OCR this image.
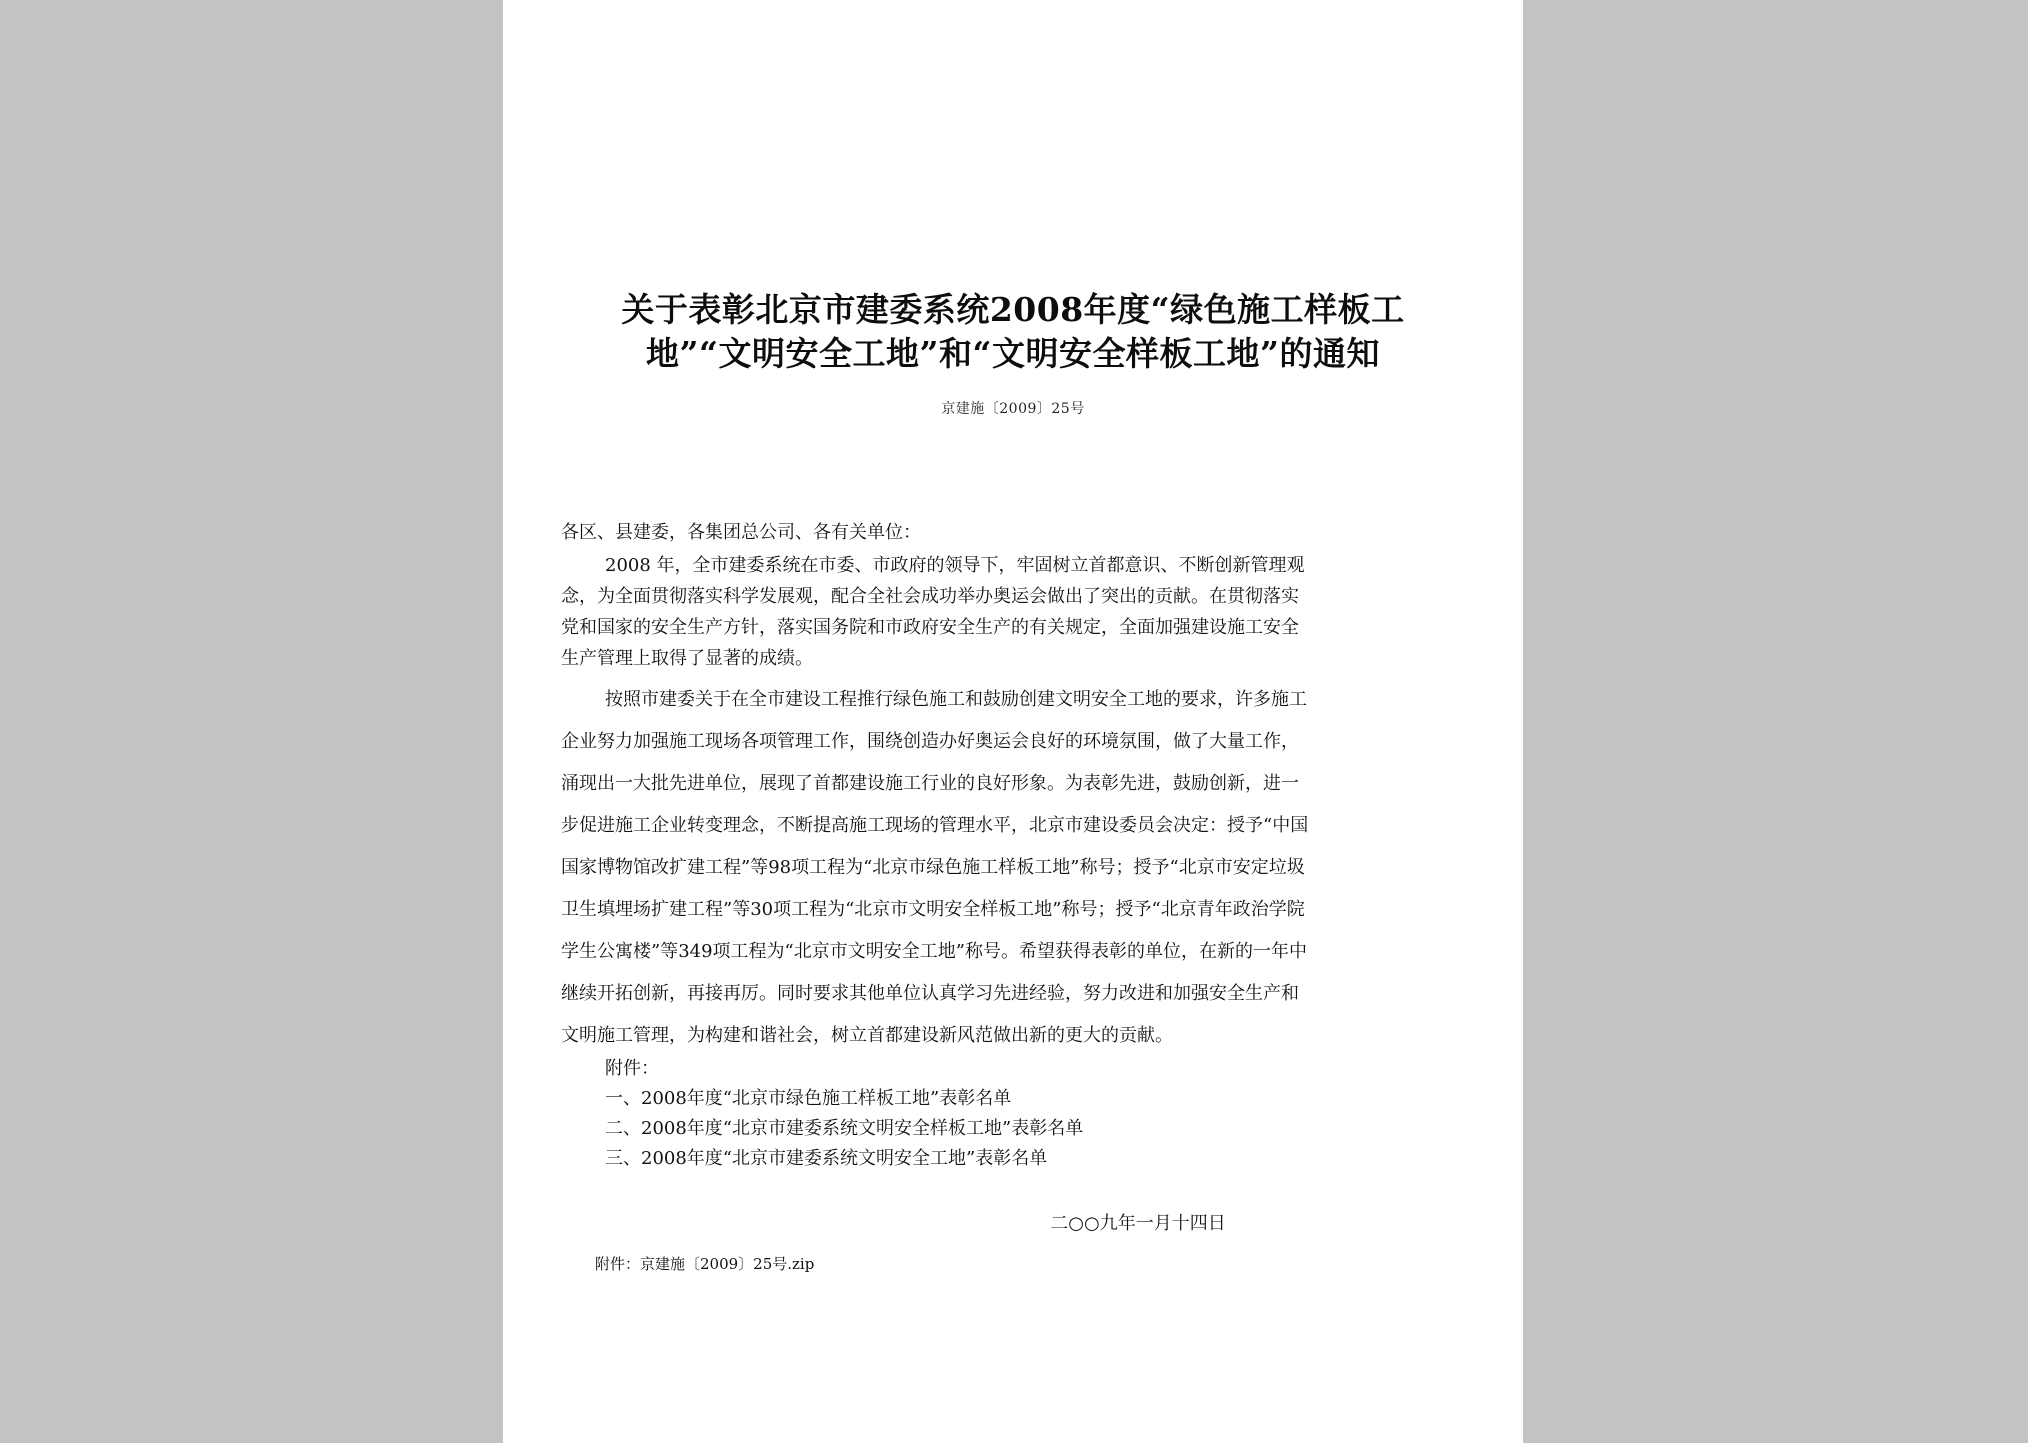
关于表彰北京市建委系统2008年度“绿色施工样板工
地”“文明安全工地”和“文明安全样板工地”的通知
京建施〔2009〕25号
各区、县建委，各集团总公司、各有关单位：
2008 年，全市建委系统在市委、市政府的领导下，牢固树立首都意识、不断创新管理观
念，为全面贯彻落实科学发展观，配合全社会成功举办奥运会做出了突出的贡献。在贯彻落实
党和国家的安全生产方针，落实国务院和市政府安全生产的有关规定，全面加强建设施工安全
生产管理上取得了显著的成绩。
按照市建委关于在全市建设工程推行绿色施工和鼓励创建文明安全工地的要求，许多施工
企业努力加强施工现场各项管理工作，围绕创造办好奥运会良好的环境氛围，做了大量工作，
涌现出一大批先进单位，展现了首都建设施工行业的良好形象。为表彰先进，鼓励创新，进一
步促进施工企业转变理念，不断提高施工现场的管理水平，北京市建设委员会决定：授予“中国
国家博物馆改扩建工程”等98项工程为“北京市绿色施工样板工地”称号；授予“北京市安定垃圾
卫生填埋场扩建工程”等30项工程为“北京市文明安全样板工地”称号；授予“北京青年政治学院
学生公寓楼”等349项工程为“北京市文明安全工地”称号。希望获得表彰的单位，在新的一年中
继续开拓创新，再接再厉。同时要求其他单位认真学习先进经验，努力改进和加强安全生产和
文明施工管理，为构建和谐社会，树立首都建设新风范做出新的更大的贡献。
附件：
一、2008年度“北京市绿色施工样板工地”表彰名单
二、2008年度“北京市建委系统文明安全样板工地”表彰名单
三、2008年度“北京市建委系统文明安全工地”表彰名单
二○○九年一月十四日
附件：京建施〔2009〕25号.zip
